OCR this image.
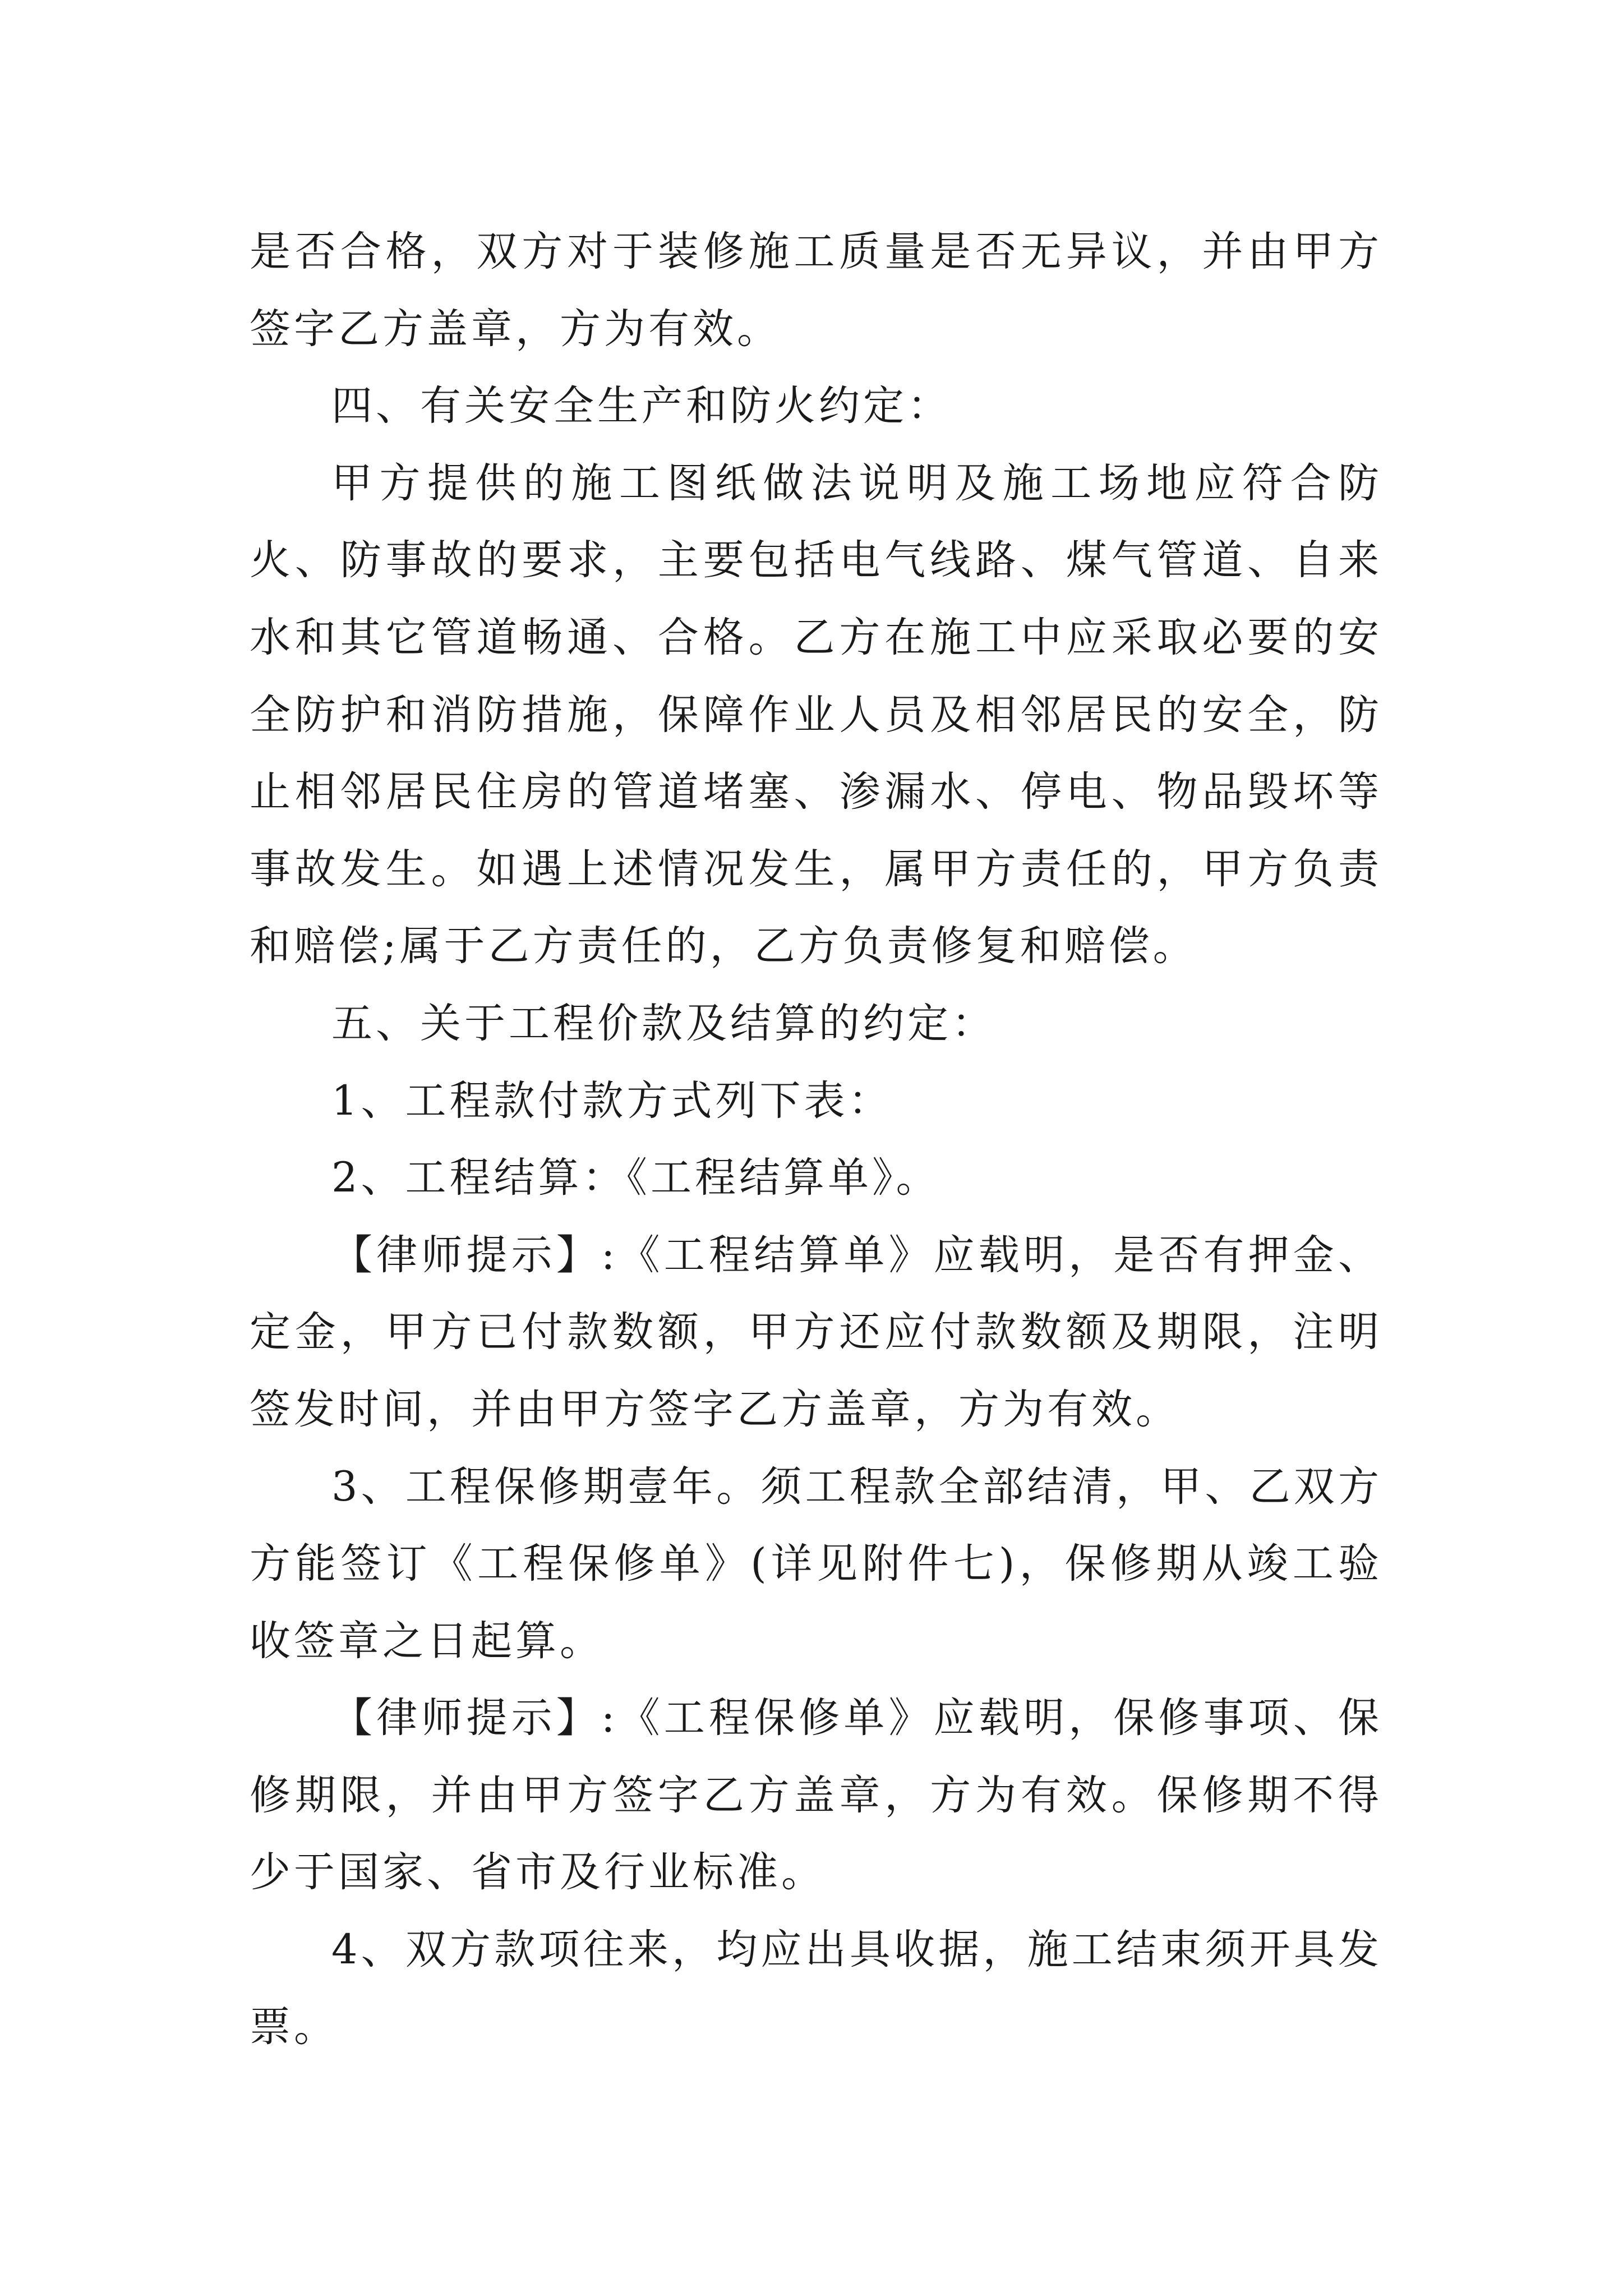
是否合格，双方对于装修施工质量是否无异议，并由甲方签字乙方盖章，方为有效。

四、有关安全生产和防火约定：

甲方提供的施工图纸做法说明及施工场地应符合防火、防事故的要求，主要包括电气线路、煤气管道、自来水和其它管道畅通、合格。乙方在施工中应采取必要的安全防护和消防措施，保障作业人员及相邻居民的安全，防止相邻居民住房的管道堵塞、渗漏水、停电、物品毁坏等事故发生。如遇上述情况发生，属甲方责任的，甲方负责和赔偿;属于乙方责任的，乙方负责修复和赔偿。

五、关于工程价款及结算的约定：

1、工程款付款方式列下表：

2、工程结算：《工程结算单》。

【律师提示】:《工程结算单》应载明，是否有押金、定金，甲方已付款数额，甲方还应付款数额及期限，注明签发时间，并由甲方签字乙方盖章，方为有效。

3、工程保修期壹年。须工程款全部结清，甲、乙双方方能签订《工程保修单》(详见附件七)，保修期从竣工验收签章之日起算。

【律师提示】:《工程保修单》应载明，保修事项、保修期限，并由甲方签字乙方盖章，方为有效。保修期不得少于国家、省市及行业标准。

4、双方款项往来，均应出具收据，施工结束须开具发票。
